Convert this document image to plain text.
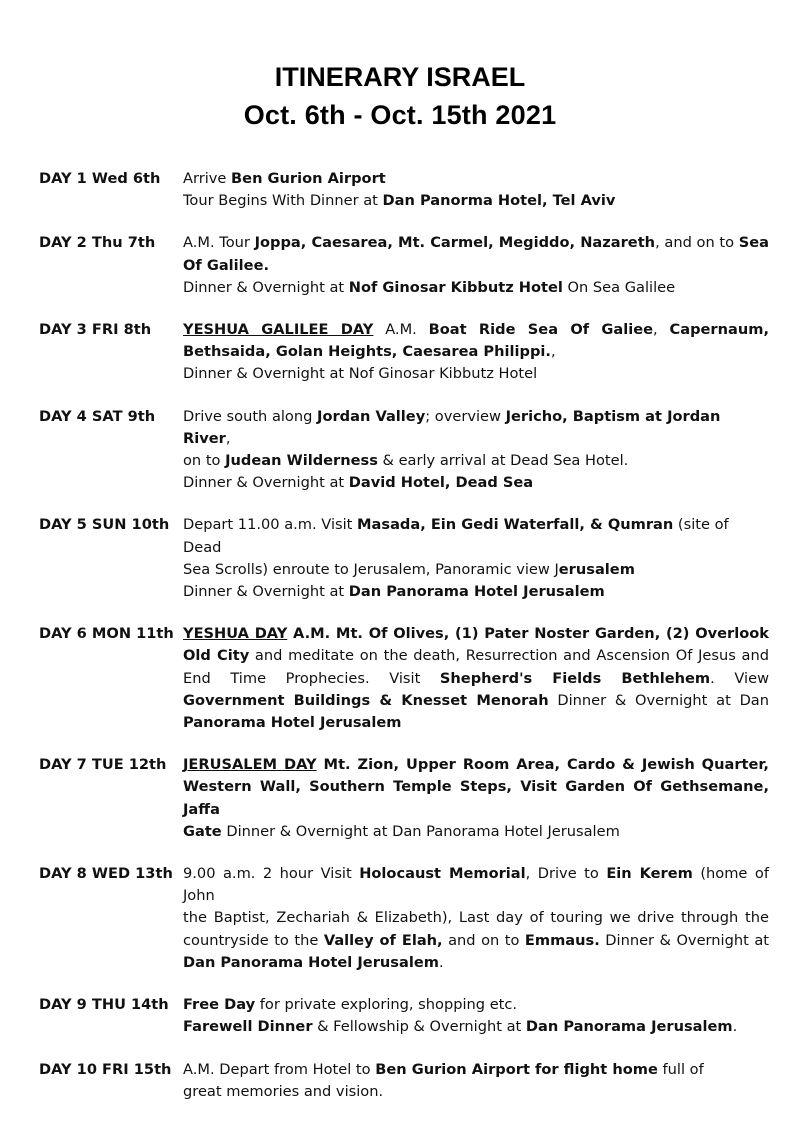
ITINERARY ISRAEL
Oct. 6th - Oct. 15th 2021
DAY 1 Wed 6th Arrive Ben Gurion Airport
Tour Begins With Dinner at Dan Panorma Hotel, Tel Aviv

DAY 2 Thu 7th A.M. Tour Joppa, Caesarea, Mt. Carmel, Megiddo, Nazareth, and on to Sea
Of Galilee.
Dinner & Overnight at Nof Ginosar Kibbutz Hotel On Sea Galilee

DAY 3 FRI 8th YESHUA GALILEE DAY A.M. Boat Ride Sea Of Galiee, Capernaum,
Bethsaida, Golan Heights, Caesarea Philippi.,
Dinner & Overnight at Nof Ginosar Kibbutz Hotel

DAY 4 SAT 9th Drive south along Jordan Valley; overview Jericho, Baptism at Jordan River,
on to Judean Wilderness & early arrival at Dead Sea Hotel.
Dinner & Overnight at David Hotel, Dead Sea

DAY 5 SUN 10th Depart 11.00 a.m. Visit Masada, Ein Gedi Waterfall, & Qumran (site of Dead
Sea Scrolls) enroute to Jerusalem, Panoramic view Jerusalem
Dinner & Overnight at Dan Panorama Hotel Jerusalem

DAY 6 MON 11th YESHUA DAY A.M. Mt. Of Olives, (1) Pater Noster Garden, (2) Overlook
Old City and meditate on the death, Resurrection and Ascension Of Jesus and
End Time Prophecies. Visit Shepherd's Fields Bethlehem. View
Government Buildings & Knesset Menorah Dinner & Overnight at Dan
Panorama Hotel Jerusalem

DAY 7 TUE 12th JERUSALEM DAY Mt. Zion, Upper Room Area, Cardo & Jewish Quarter,
Western Wall, Southern Temple Steps, Visit Garden Of Gethsemane, Jaffa
Gate Dinner & Overnight at Dan Panorama Hotel Jerusalem

DAY 8 WED 13th 9.00 a.m. 2 hour Visit Holocaust Memorial, Drive to Ein Kerem (home of John
the Baptist, Zechariah & Elizabeth), Last day of touring we drive through the
countryside to the Valley of Elah, and on to Emmaus. Dinner & Overnight at
Dan Panorama Hotel Jerusalem.

DAY 9 THU 14th Free Day for private exploring, shopping etc.
Farewell Dinner & Fellowship & Overnight at Dan Panorama Jerusalem.

DAY 10 FRI 15th A.M. Depart from Hotel to Ben Gurion Airport for flight home full of
great memories and vision.
